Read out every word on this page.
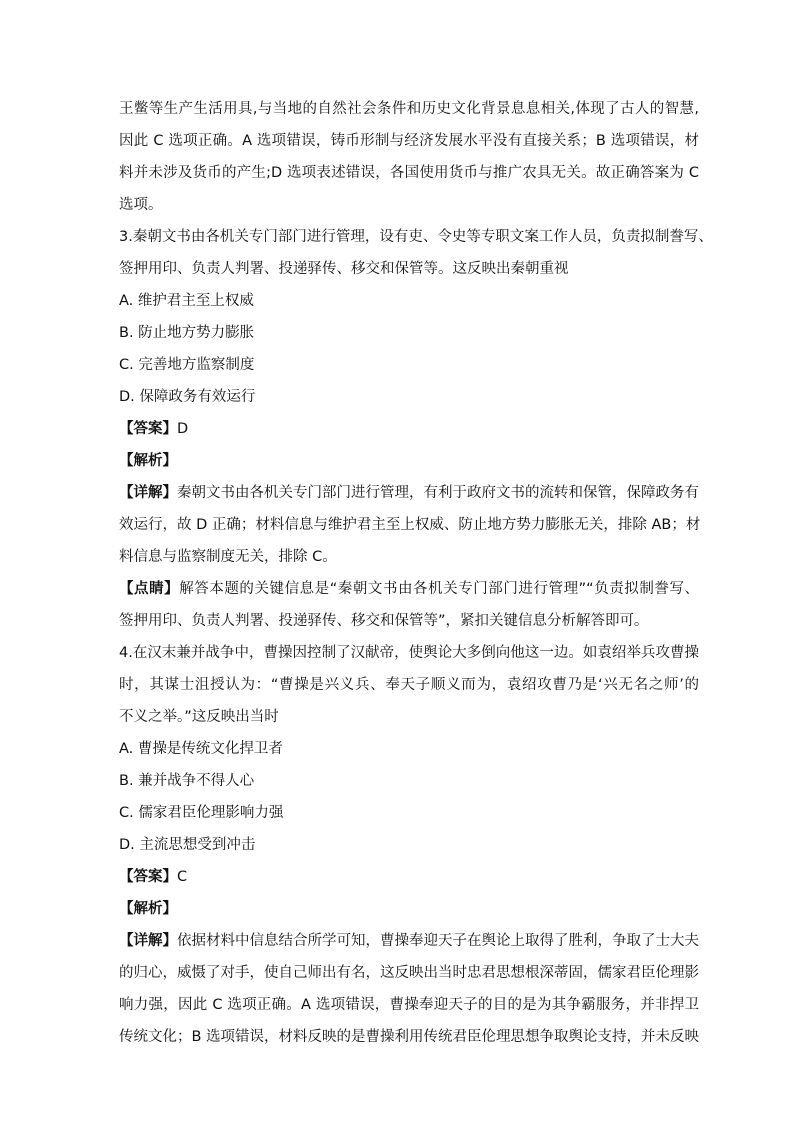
王鳖等生产生活用具,与当地的自然社会条件和历史文化背景息息相关,体现了古人的智慧,
因此 C 选项正确。A 选项错误，铸币形制与经济发展水平没有直接关系；B 选项错误，材
料并未涉及货币的产生;D 选项表述错误，各国使用货币与推广农具无关。故正确答案为 C
选项。
3.秦朝文书由各机关专门部门进行管理，设有吏、令史等专职文案工作人员，负责拟制誊写、
签押用印、负责人判署、投递驿传、移交和保管等。这反映出秦朝重视
A. 维护君主至上权威
B. 防止地方势力膨胀
C. 完善地方监察制度
D. 保障政务有效运行
【答案】D
【解析】
【详解】秦朝文书由各机关专门部门进行管理，有利于政府文书的流转和保管，保障政务有
效运行，故 D 正确；材料信息与维护君主至上权威、防止地方势力膨胀无关，排除 AB；材
料信息与监察制度无关，排除 C。
【点睛】解答本题的关键信息是“秦朝文书由各机关专门部门进行管理”“负责拟制誊写、
签押用印、负责人判署、投递驿传、移交和保管等”，紧扣关键信息分析解答即可。
4.在汉末兼并战争中，曹操因控制了汉献帝，使舆论大多倒向他这一边。如袁绍举兵攻曹操
时，其谋士沮授认为：“曹操是兴义兵、奉天子顺义而为，袁绍攻曹乃是‘兴无名之师’的
不义之举。”这反映出当时
A. 曹操是传统文化捍卫者
B. 兼并战争不得人心
C. 儒家君臣伦理影响力强
D. 主流思想受到冲击
【答案】C
【解析】
【详解】依据材料中信息结合所学可知，曹操奉迎天子在舆论上取得了胜利，争取了士大夫
的归心，威慑了对手，使自己师出有名，这反映出当时忠君思想根深蒂固，儒家君臣伦理影
响力强，因此 C 选项正确。A 选项错误，曹操奉迎天子的目的是为其争霸服务，并非捍卫
传统文化；B 选项错误，材料反映的是曹操利用传统君臣伦理思想争取舆论支持，并未反映
